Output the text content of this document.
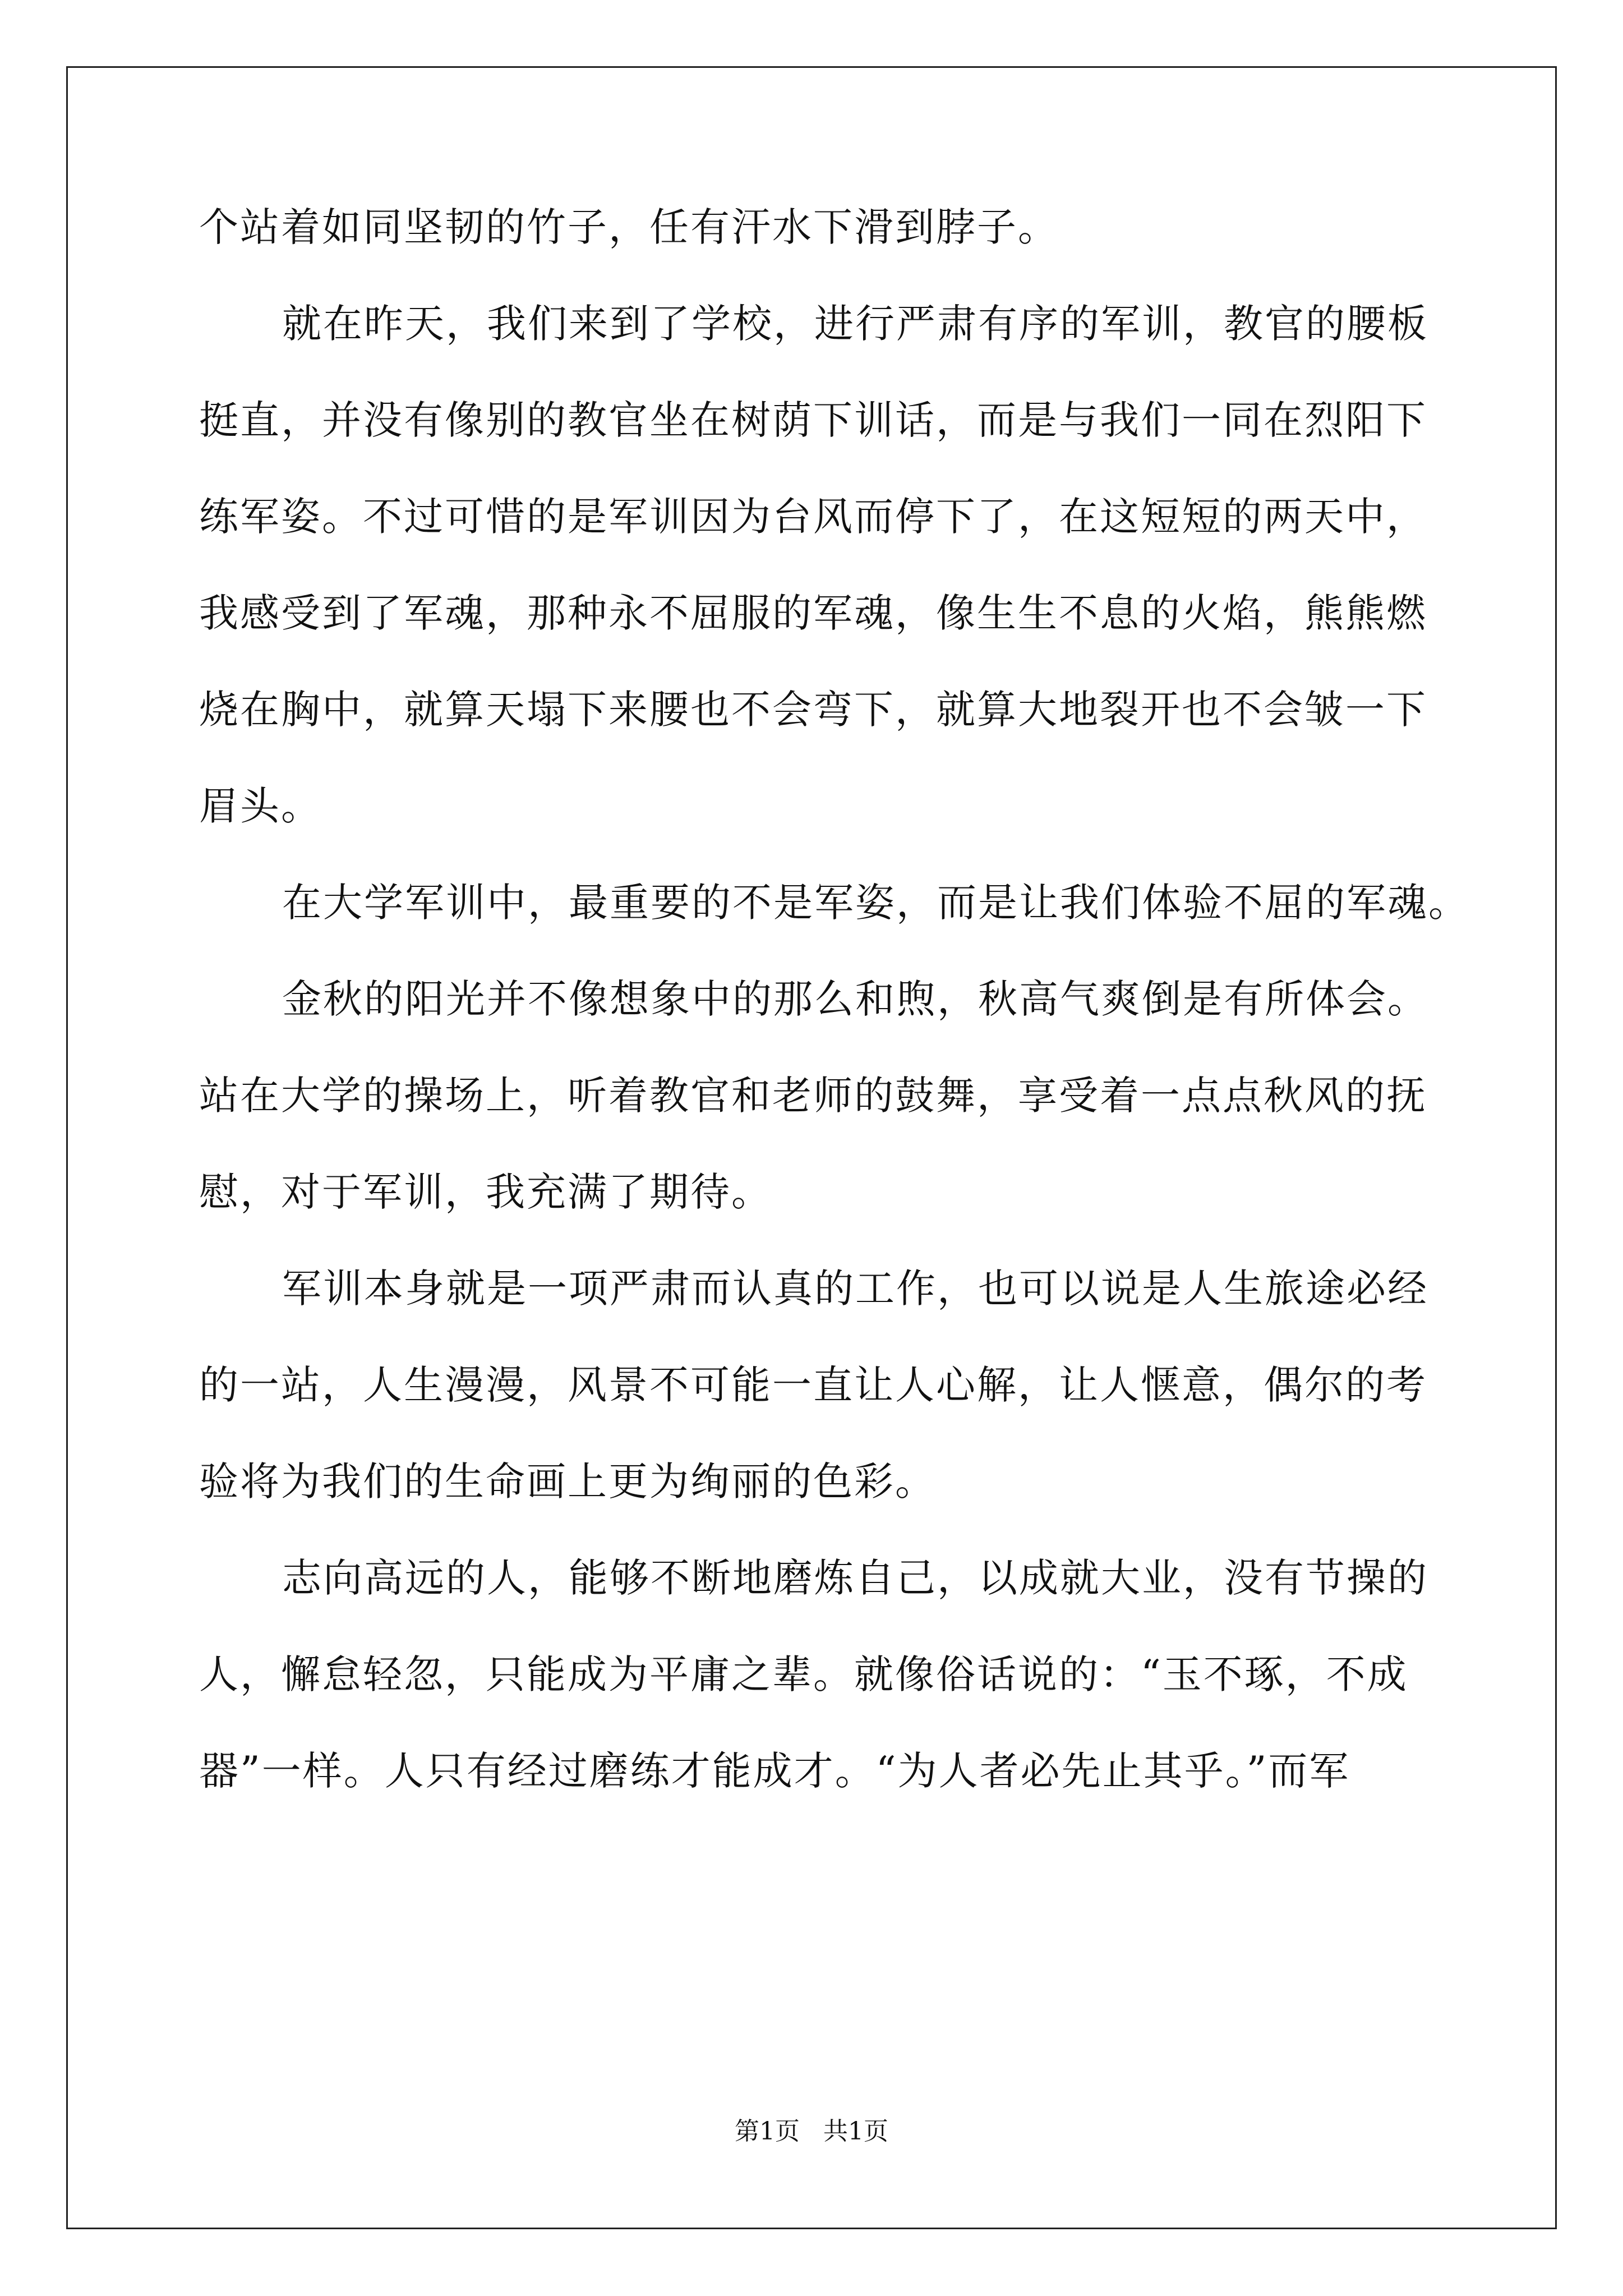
个站着如同坚韧的竹子，任有汗水下滑到脖子。
就在昨天，我们来到了学校，进行严肃有序的军训，教官的腰板
挺直，并没有像别的教官坐在树荫下训话，而是与我们一同在烈阳下
练军姿。不过可惜的是军训因为台风而停下了，在这短短的两天中，
我感受到了军魂，那种永不屈服的军魂，像生生不息的火焰，熊熊燃
烧在胸中，就算天塌下来腰也不会弯下，就算大地裂开也不会皱一下
眉头。
在大学军训中，最重要的不是军姿，而是让我们体验不屈的军魂。
金秋的阳光并不像想象中的那么和煦，秋高气爽倒是有所体会。
站在大学的操场上，听着教官和老师的鼓舞，享受着一点点秋风的抚
慰，对于军训，我充满了期待。
军训本身就是一项严肃而认真的工作，也可以说是人生旅途必经
的一站，人生漫漫，风景不可能一直让人心解，让人惬意，偶尔的考
验将为我们的生命画上更为绚丽的色彩。
志向高远的人，能够不断地磨炼自己，以成就大业，没有节操的
人，懈怠轻忽，只能成为平庸之辈。就像俗话说的：“玉不琢，不成
器”一样。人只有经过磨练才能成才。“为人者必先止其乎。”而军
第1页 共1页
